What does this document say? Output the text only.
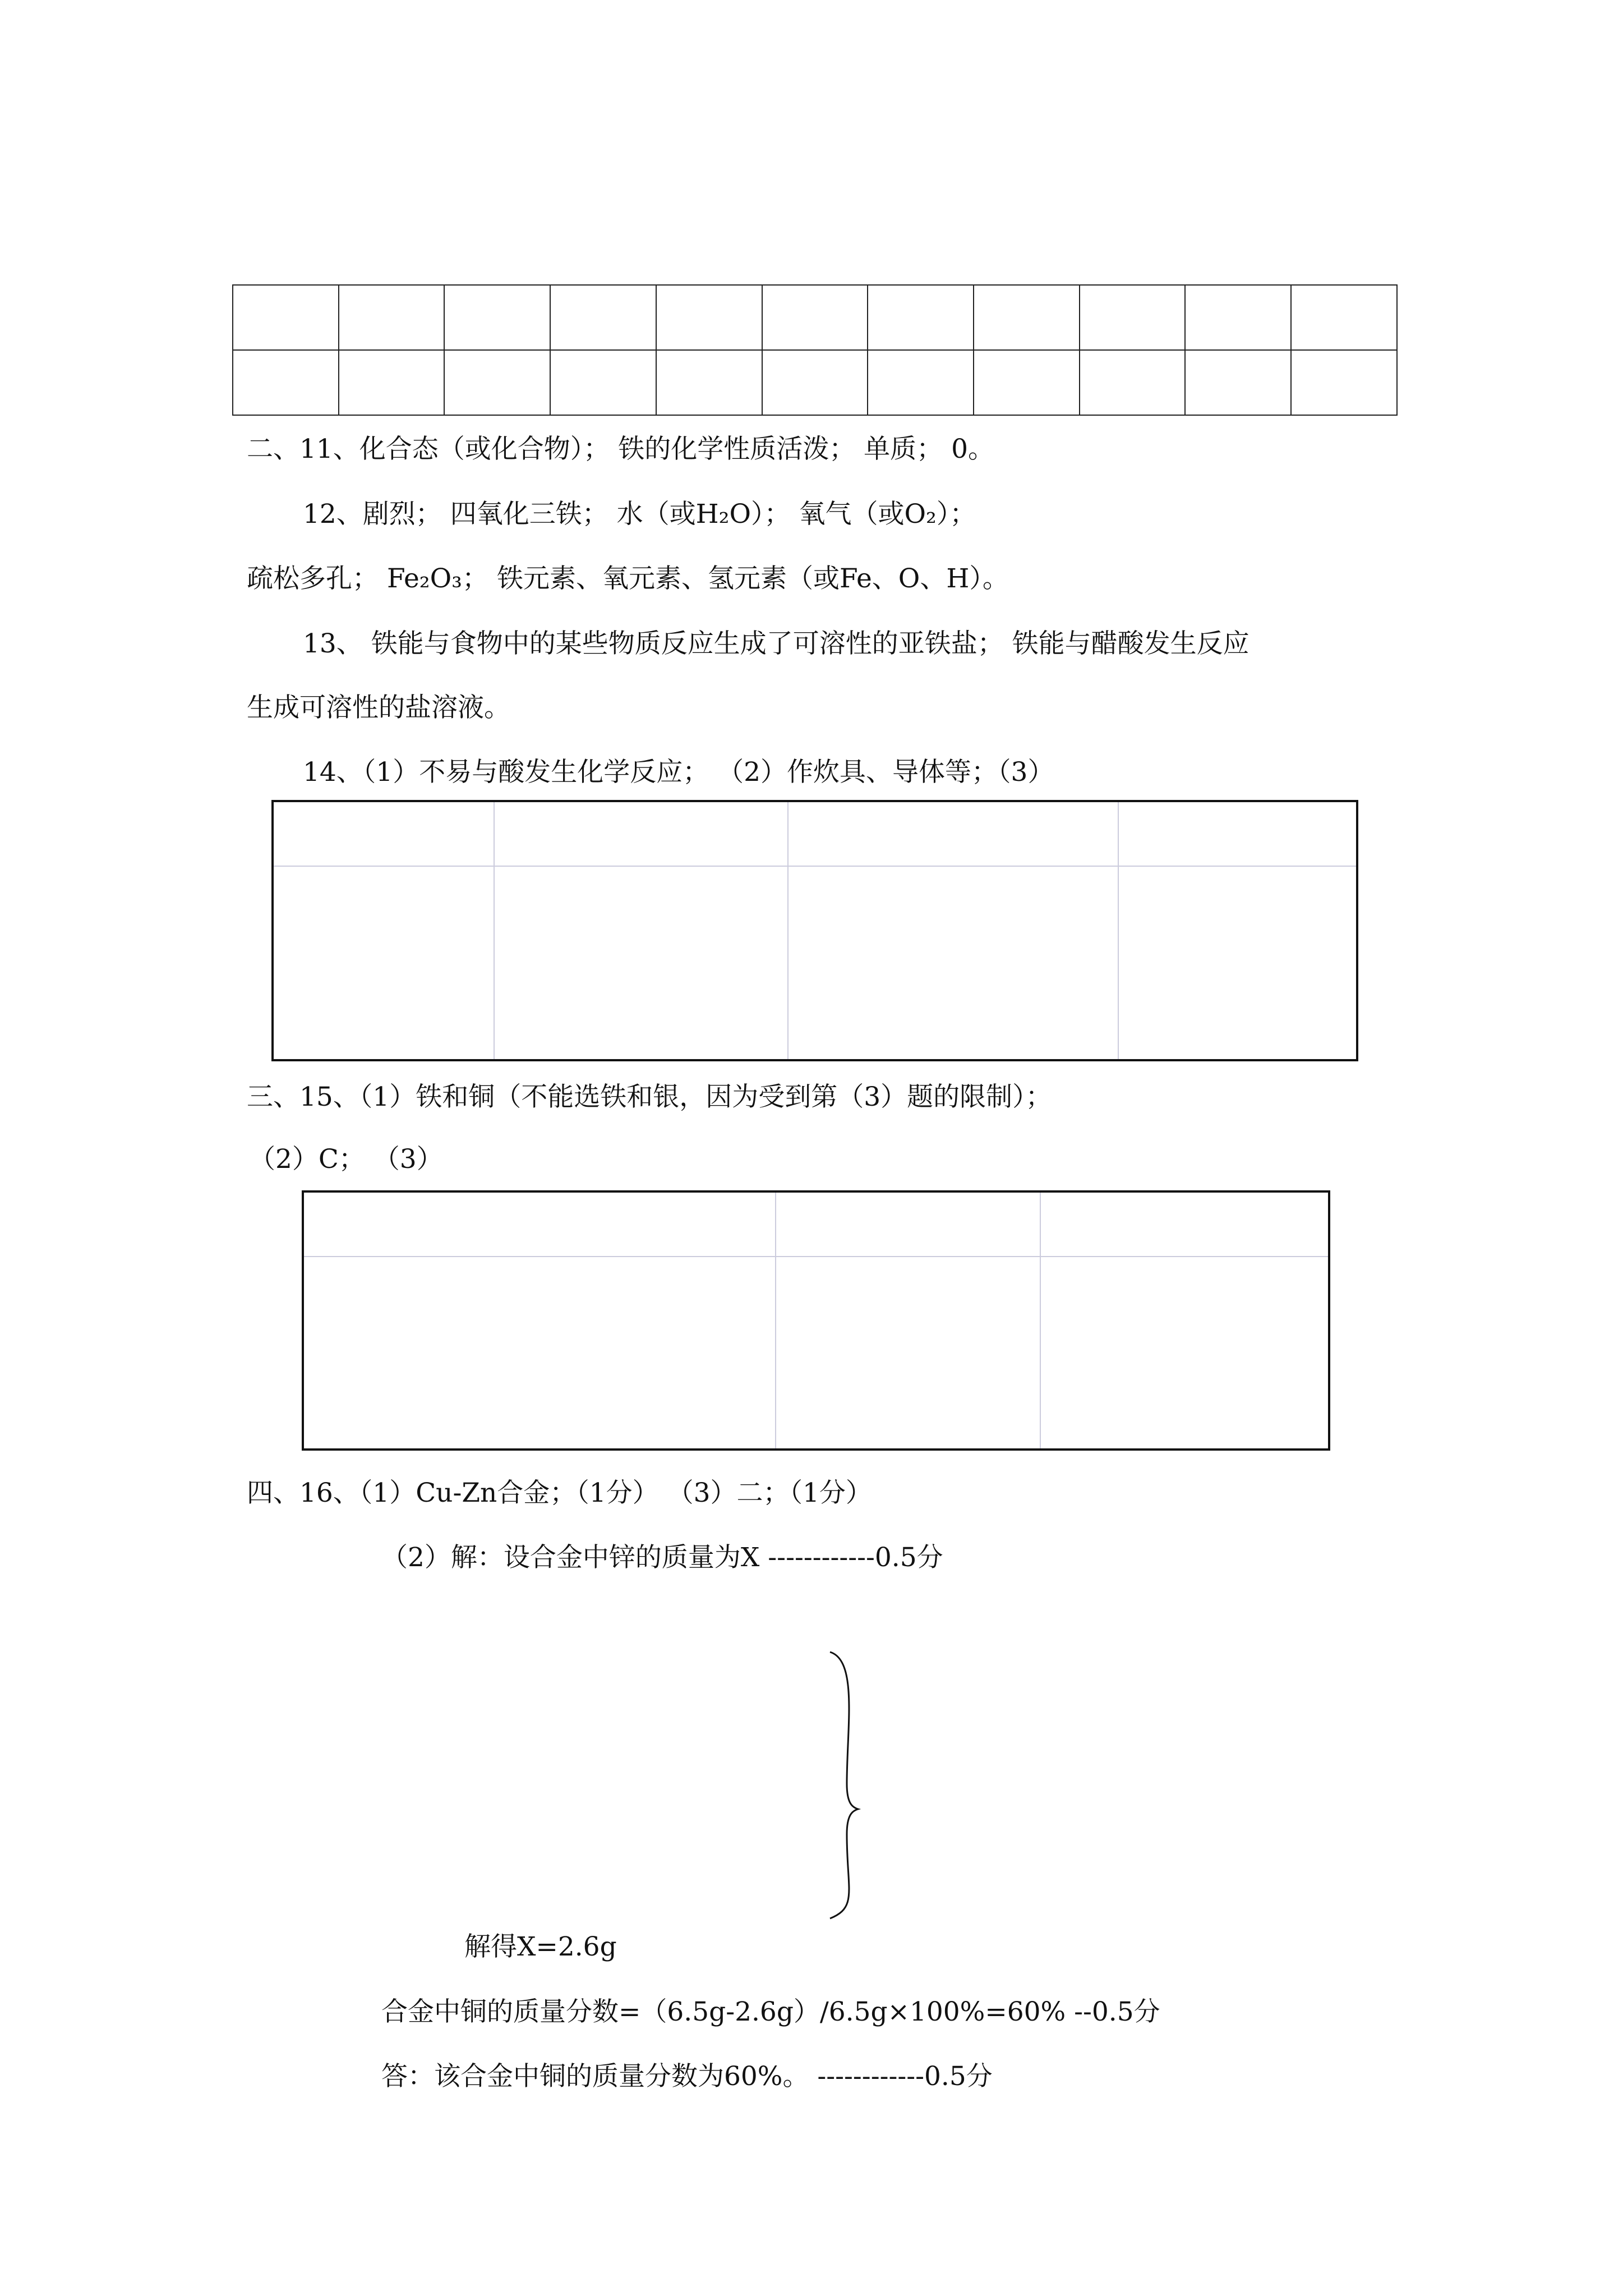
二、11、化合态（或化合物）； 铁的化学性质活泼； 单质； 0。
12、剧烈； 四氧化三铁； 水（或H₂O）； 氧气（或O₂）；
疏松多孔； Fe₂O₃； 铁元素、氧元素、氢元素（或Fe、O、H）。
13、 铁能与食物中的某些物质反应生成了可溶性的亚铁盐； 铁能与醋酸发生反应
生成可溶性的盐溶液。
14、（1）不易与酸发生化学反应； （2）作炊具、导体等；（3）

三、15、（1）铁和铜（不能选铁和银，因为受到第（3）题的限制）；
（2）C； （3）

四、16、（1）Cu-Zn合金；（1分） （3）二；（1分）
（2）解：设合金中锌的质量为X ------------0.5分
解得X=2.6g
合金中铜的质量分数=（6.5g-2.6g）/6.5g×100%=60% --0.5分
答：该合金中铜的质量分数为60%。 ------------0.5分
